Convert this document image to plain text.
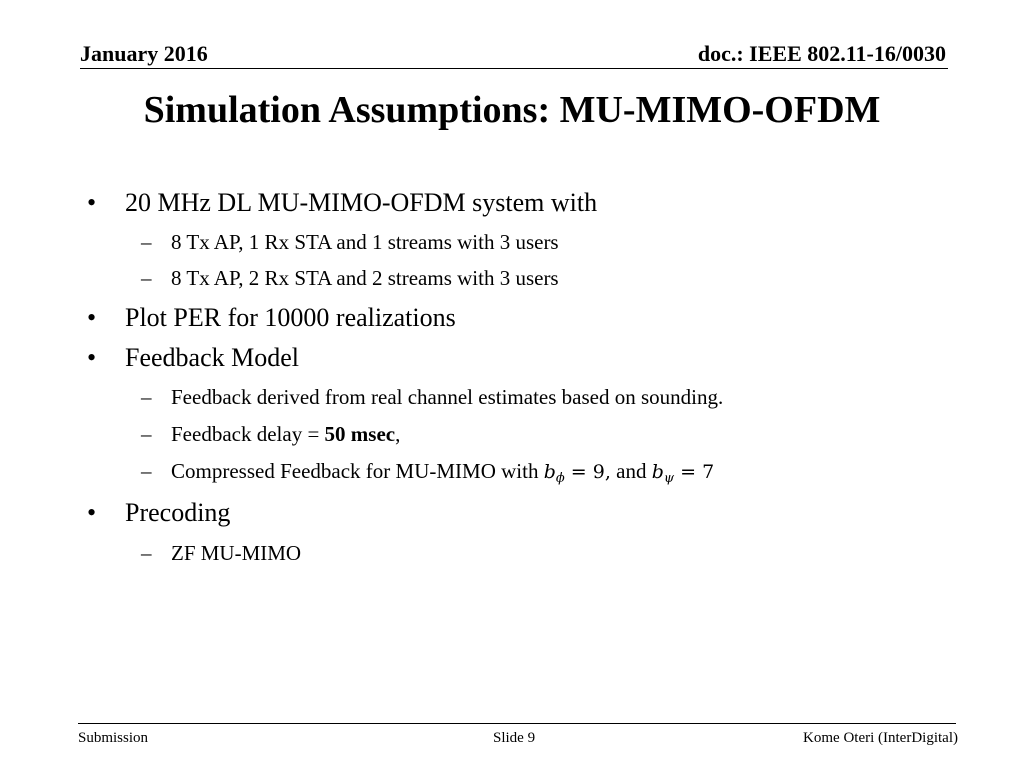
January 2016	doc.: IEEE 802.11-16/0030
Simulation Assumptions: MU-MIMO-OFDM
• 20 MHz DL MU-MIMO-OFDM system with
– 8 Tx AP, 1 Rx STA and 1 streams with 3 users
– 8 Tx AP, 2 Rx STA and 2 streams with 3 users
• Plot PER for 10000 realizations
• Feedback Model
– Feedback derived from real channel estimates based on sounding.
– Feedback delay = 50 msec,
– Compressed Feedback for MU-MIMO with $b_\phi = 9$, and $b_\psi = 7$
• Precoding
– ZF MU-MIMO
Submission	Slide 9	Kome Oteri (InterDigital)
